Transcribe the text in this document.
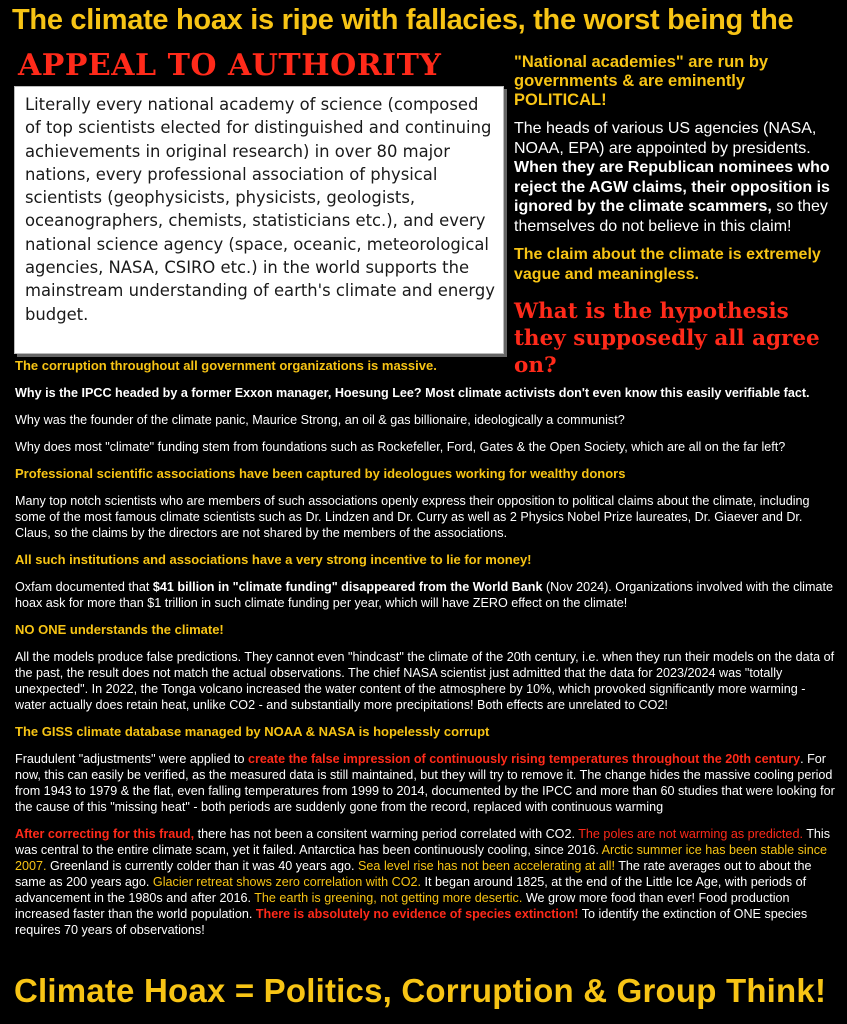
The climate hoax is ripe with fallacies, the worst being the
APPEAL TO AUTHORITY
Literally every national academy of science (composed of top scientists elected for distinguished and continuing achievements in original research) in over 80 major nations, every professional association of physical scientists (geophysicists, physicists, geologists, oceanographers, chemists, statisticians etc.), and every national science agency (space, oceanic, meteorological agencies, NASA, CSIRO etc.) in the world supports the mainstream understanding of earth's climate and energy budget.

"National academies" are run by governments & are eminently POLITICAL!

The heads of various US agencies (NASA, NOAA, EPA) are appointed by presidents. When they are Republican nominees who reject the AGW claims, their opposition is ignored by the climate scammers, so they themselves do not believe in this claim!

The claim about the climate is extremely vague and meaningless.

What is the hypothesis they supposedly all agree on?

The corruption throughout all government organizations is massive.

Why is the IPCC headed by a former Exxon manager, Hoesung Lee? Most climate activists don't even know this easily verifiable fact.

Why was the founder of the climate panic, Maurice Strong, an oil & gas billionaire, ideologically a communist?

Why does most "climate" funding stem from foundations such as Rockefeller, Ford, Gates & the Open Society, which are all on the far left?

Professional scientific associations have been captured by ideologues working for wealthy donors

Many top notch scientists who are members of such associations openly express their opposition to political claims about the climate, including some of the most famous climate scientists such as Dr. Lindzen and Dr. Curry as well as 2 Physics Nobel Prize laureates, Dr. Giaever and Dr. Claus, so the claims by the directors are not shared by the members of the associations.

All such institutions and associations have a very strong incentive to lie for money!

Oxfam documented that $41 billion in "climate funding" disappeared from the World Bank (Nov 2024). Organizations involved with the climate hoax ask for more than $1 trillion in such climate funding per year, which will have ZERO effect on the climate!

NO ONE understands the climate!

All the models produce false predictions. They cannot even "hindcast" the climate of the 20th century, i.e. when they run their models on the data of the past, the result does not match the actual observations. The chief NASA scientist just admitted that the data for 2023/2024 was "totally unexpected". In 2022, the Tonga volcano increased the water content of the atmosphere by 10%, which provoked significantly more warming - water actually does retain heat, unlike CO2 - and substantially more precipitations! Both effects are unrelated to CO2!

The GISS climate database managed by NOAA & NASA is hopelessly corrupt

Fraudulent "adjustments" were applied to create the false impression of continuously rising temperatures throughout the 20th century. For now, this can easily be verified, as the measured data is still maintained, but they will try to remove it. The change hides the massive cooling period from 1943 to 1979 & the flat, even falling temperatures from 1999 to 2014, documented by the IPCC and more than 60 studies that were looking for the cause of this "missing heat" - both periods are suddenly gone from the record, replaced with continuous warming

After correcting for this fraud, there has not been a consitent warming period correlated with CO2. The poles are not warming as predicted. This was central to the entire climate scam, yet it failed. Antarctica has been continuously cooling, since 2016. Arctic summer ice has been stable since 2007. Greenland is currently colder than it was 40 years ago. Sea level rise has not been accelerating at all! The rate averages out to about the same as 200 years ago. Glacier retreat shows zero correlation with CO2. It began around 1825, at the end of the Little Ice Age, with periods of advancement in the 1980s and after 2016. The earth is greening, not getting more desertic. We grow more food than ever! Food production increased faster than the world population. There is absolutely no evidence of species extinction! To identify the extinction of ONE species requires 70 years of observations!

Climate Hoax = Politics, Corruption & Group Think!
